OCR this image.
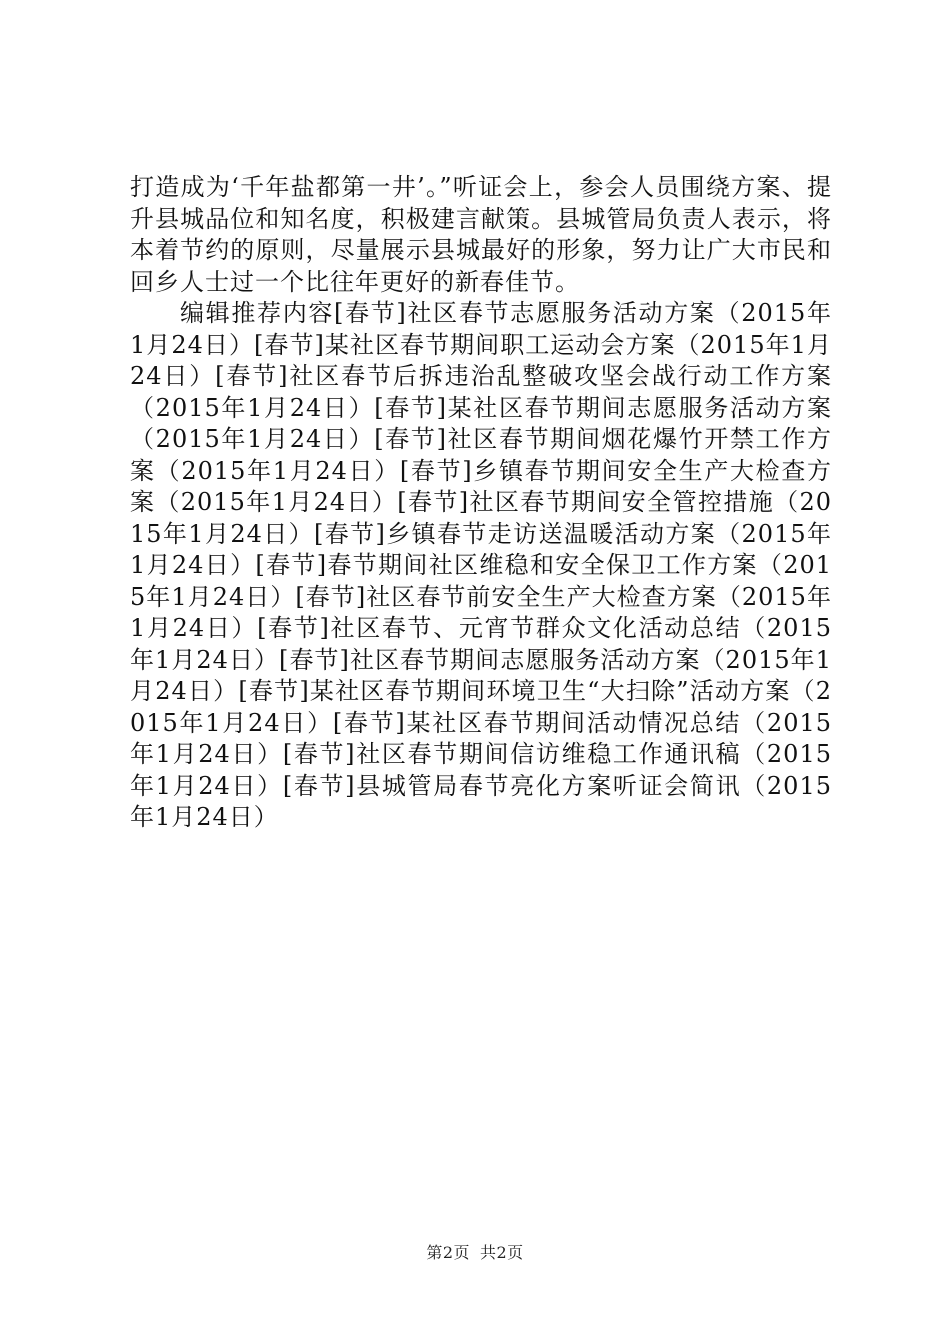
打造成为‘千年盐都第一井’。”听证会上，参会人员围绕方案、提升县城品位和知名度，积极建言献策。县城管局负责人表示，将本着节约的原则，尽量展示县城最好的形象，努力让广大市民和回乡人士过一个比往年更好的新春佳节。

编辑推荐内容[春节]社区春节志愿服务活动方案（2015年1月24日）[春节]某社区春节期间职工运动会方案（2015年1月24日）[春节]社区春节后拆违治乱整破攻坚会战行动工作方案（2015年1月24日）[春节]某社区春节期间志愿服务活动方案（2015年1月24日）[春节]社区春节期间烟花爆竹开禁工作方案（2015年1月24日）[春节]乡镇春节期间安全生产大检查方案（2015年1月24日）[春节]社区春节期间安全管控措施（2015年1月24日）[春节]乡镇春节走访送温暖活动方案（2015年1月24日）[春节]春节期间社区维稳和安全保卫工作方案（2015年1月24日）[春节]社区春节前安全生产大检查方案（2015年1月24日）[春节]社区春节、元宵节群众文化活动总结（2015年1月24日）[春节]社区春节期间志愿服务活动方案（2015年1月24日）[春节]某社区春节期间环境卫生“大扫除”活动方案（2015年1月24日）[春节]某社区春节期间活动情况总结（2015年1月24日）[春节]社区春节期间信访维稳工作通讯稿（2015年1月24日）[春节]县城管局春节亮化方案听证会简讯（2015年1月24日）

第2页 共2页
